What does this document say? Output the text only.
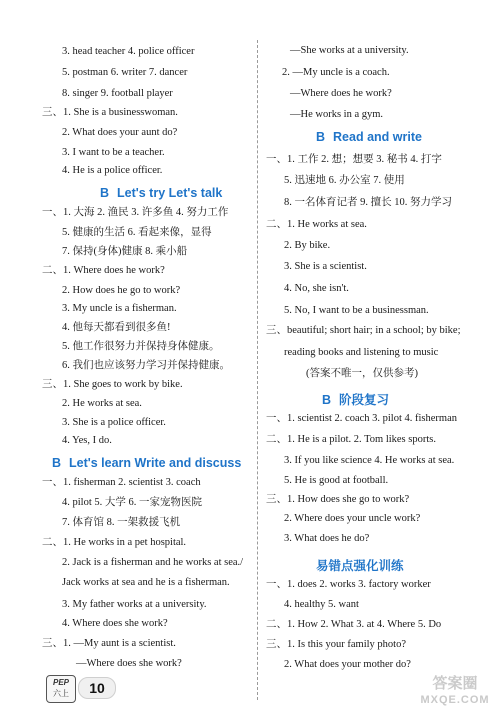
3. head teacher 4. police officer
5. postman 6. writer 7. dancer
8. singer 9. football player
三、1. She is a businesswoman.
2. What does your aunt do?
3. I want to be a teacher.
4. He is a police officer.
B Let's try Let's talk
一、1. 大海 2. 渔民 3. 许多鱼 4. 努力工作
5. 健康的生活 6. 看起来像，显得
7. 保持(身体)健康 8. 乘小船
二、1. Where does he work?
2. How does he go to work?
3. My uncle is a fisherman.
4. 他每天都看到很多鱼!
5. 他工作很努力并保持身体健康。
6. 我们也应该努力学习并保持健康。
三、1. She goes to work by bike.
2. He works at sea.
3. She is a police officer.
4. Yes, I do.
B Let's learn Write and discuss
一、1. fisherman 2. scientist 3. coach
4. pilot 5. 大学 6. 一家宠物医院
7. 体育馆 8. 一架救援飞机
二、1. He works in a pet hospital.
2. Jack is a fisherman and he works at sea./
Jack works at sea and he is a fisherman.
3. My father works at a university.
4. Where does she work?
三、1. —My aunt is a scientist.
—Where does she work?
—She works at a university.
2. —My uncle is a coach.
—Where does he work?
—He works in a gym.
B Read and write
一、1. 工作 2. 想；想要 3. 秘书 4. 打字
5. 迅速地 6. 办公室 7. 使用
8. 一名体育记者 9. 擅长 10. 努力学习
二、1. He works at sea.
2. By bike.
3. She is a scientist.
4. No, she isn't.
5. No, I want to be a businessman.
三、beautiful; short hair; in a school; by bike;
reading books and listening to music
(答案不唯一，仅供参考)
B 阶段复习
一、1. scientist 2. coach 3. pilot 4. fisherman
二、1. He is a pilot. 2. Tom likes sports.
3. If you like science 4. He works at sea.
5. He is good at football.
三、1. How does she go to work?
2. Where does your uncle work?
3. What does he do?
易错点强化训练
一、1. does 2. works 3. factory worker
4. healthy 5. want
二、1. How 2. What 3. at 4. Where 5. Do
三、1. Is this your family photo?
2. What does your mother do?
PEP
六上	10	答案圈
MXQE.COM
